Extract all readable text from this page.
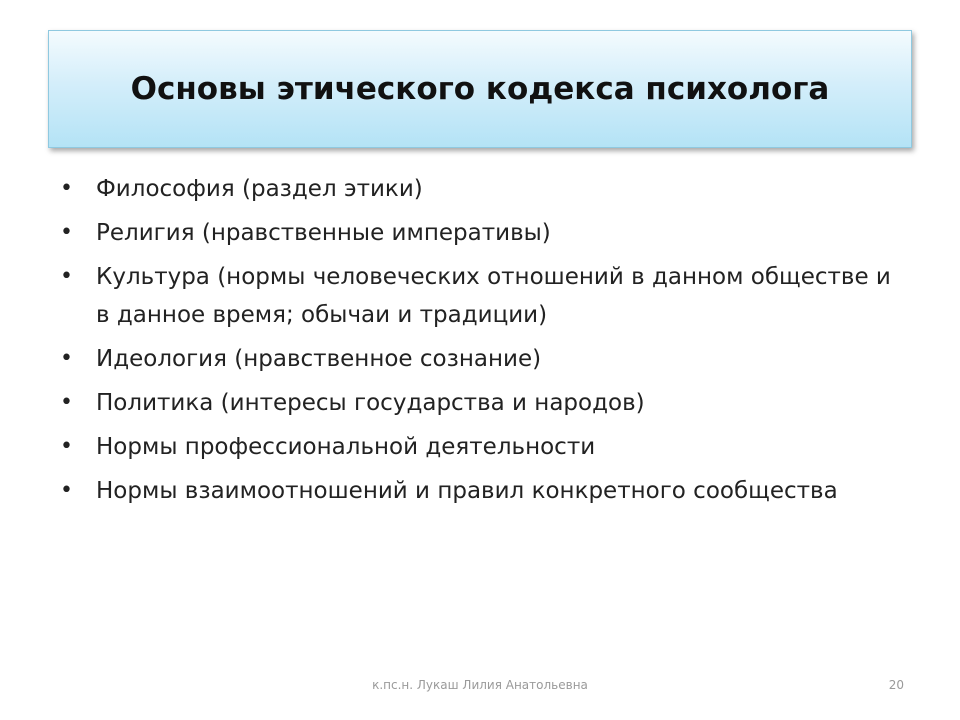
Основы этического кодекса психолога
• Философия (раздел этики)
• Религия (нравственные императивы)
• Культура (нормы человеческих отношений в данном обществе и в данное время; обычаи и традиции)
• Идеология (нравственное сознание)
• Политика (интересы государства и народов)
• Нормы профессиональной деятельности
• Нормы взаимоотношений и правил конкретного сообщества
к.пс.н. Лукаш Лилия Анатольевна	20
